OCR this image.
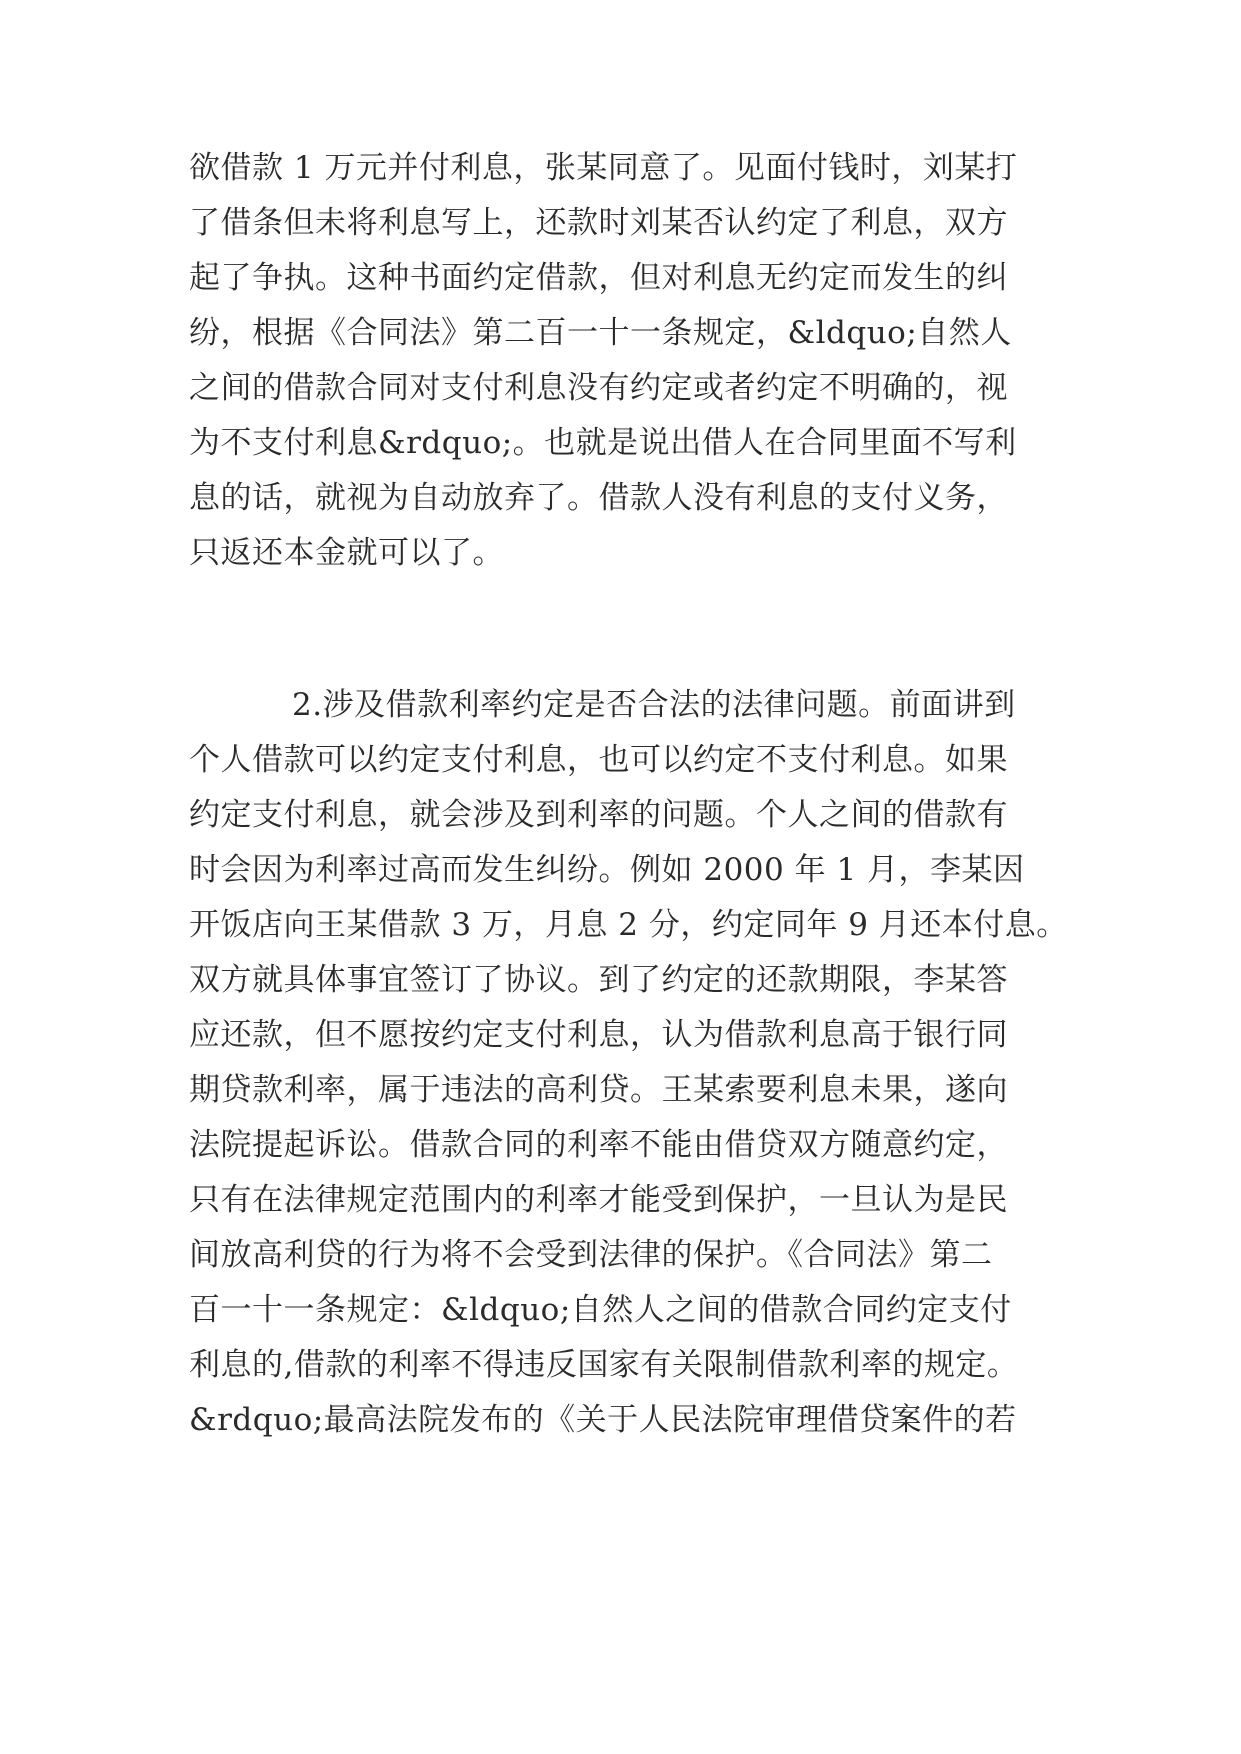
欲借款 1 万元并付利息，张某同意了。见面付钱时，刘某打

了借条但未将利息写上，还款时刘某否认约定了利息，双方

起了争执。这种书面约定借款，但对利息无约定而发生的纠

纷，根据《合同法》第二百一十一条规定，&ldquo;自然人

之间的借款合同对支付利息没有约定或者约定不明确的，视

为不支付利息&rdquo;。也就是说出借人在合同里面不写利

息的话，就视为自动放弃了。借款人没有利息的支付义务，

只返还本金就可以了。

2.涉及借款利率约定是否合法的法律问题。前面讲到

个人借款可以约定支付利息，也可以约定不支付利息。如果

约定支付利息，就会涉及到利率的问题。个人之间的借款有

时会因为利率过高而发生纠纷。例如 2000 年 1 月，李某因

开饭店向王某借款 3 万，月息 2 分，约定同年 9 月还本付息。

双方就具体事宜签订了协议。到了约定的还款期限，李某答

应还款，但不愿按约定支付利息，认为借款利息高于银行同

期贷款利率，属于违法的高利贷。王某索要利息未果，遂向

法院提起诉讼。借款合同的利率不能由借贷双方随意约定，

只有在法律规定范围内的利率才能受到保护，一旦认为是民

间放高利贷的行为将不会受到法律的保护。《合同法》第二

百一十一条规定：&ldquo;自然人之间的借款合同约定支付

利息的,借款的利率不得违反国家有关限制借款利率的规定。

&rdquo;最高法院发布的《关于人民法院审理借贷案件的若
